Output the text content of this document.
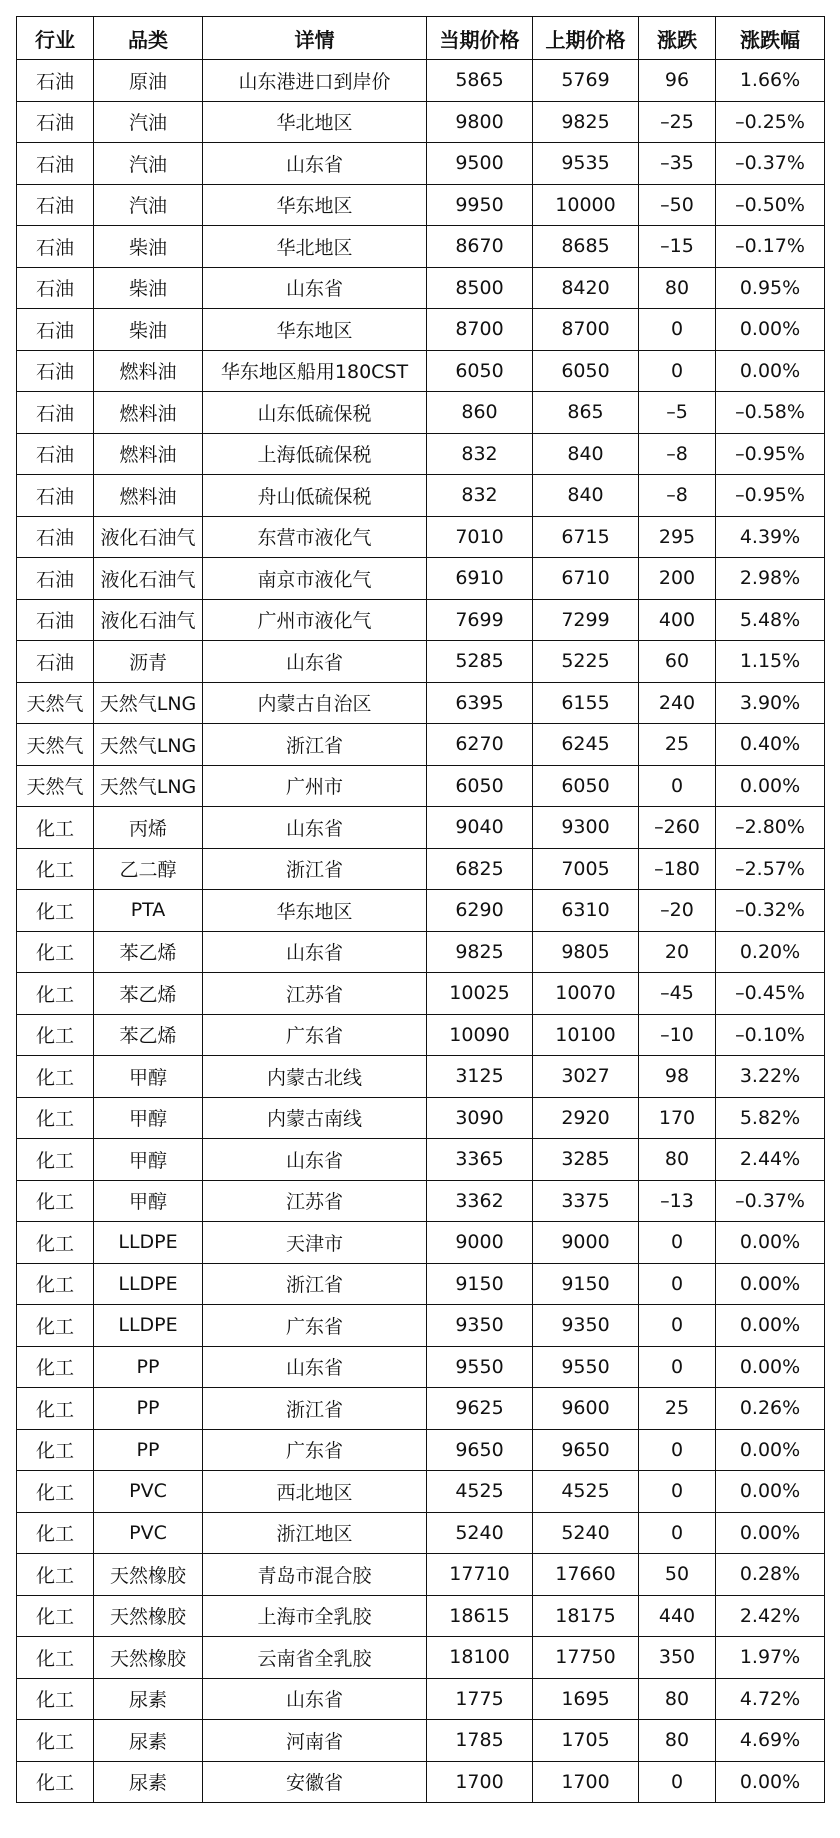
行业	品类	详情	当期价格	上期价格	涨跌	涨跌幅
石油	原油	山东港进口到岸价	5865	5769	96	1.66%
石油	汽油	华北地区	9800	9825	–25	–0.25%
石油	汽油	山东省	9500	9535	–35	–0.37%
石油	汽油	华东地区	9950	10000	–50	–0.50%
石油	柴油	华北地区	8670	8685	–15	–0.17%
石油	柴油	山东省	8500	8420	80	0.95%
石油	柴油	华东地区	8700	8700	0	0.00%
石油	燃料油	华东地区船用180CST	6050	6050	0	0.00%
石油	燃料油	山东低硫保税	860	865	–5	–0.58%
石油	燃料油	上海低硫保税	832	840	–8	–0.95%
石油	燃料油	舟山低硫保税	832	840	–8	–0.95%
石油	液化石油气	东营市液化气	7010	6715	295	4.39%
石油	液化石油气	南京市液化气	6910	6710	200	2.98%
石油	液化石油气	广州市液化气	7699	7299	400	5.48%
石油	沥青	山东省	5285	5225	60	1.15%
天然气	天然气LNG	内蒙古自治区	6395	6155	240	3.90%
天然气	天然气LNG	浙江省	6270	6245	25	0.40%
天然气	天然气LNG	广州市	6050	6050	0	0.00%
化工	丙烯	山东省	9040	9300	–260	–2.80%
化工	乙二醇	浙江省	6825	7005	–180	–2.57%
化工	PTA	华东地区	6290	6310	–20	–0.32%
化工	苯乙烯	山东省	9825	9805	20	0.20%
化工	苯乙烯	江苏省	10025	10070	–45	–0.45%
化工	苯乙烯	广东省	10090	10100	–10	–0.10%
化工	甲醇	内蒙古北线	3125	3027	98	3.22%
化工	甲醇	内蒙古南线	3090	2920	170	5.82%
化工	甲醇	山东省	3365	3285	80	2.44%
化工	甲醇	江苏省	3362	3375	–13	–0.37%
化工	LLDPE	天津市	9000	9000	0	0.00%
化工	LLDPE	浙江省	9150	9150	0	0.00%
化工	LLDPE	广东省	9350	9350	0	0.00%
化工	PP	山东省	9550	9550	0	0.00%
化工	PP	浙江省	9625	9600	25	0.26%
化工	PP	广东省	9650	9650	0	0.00%
化工	PVC	西北地区	4525	4525	0	0.00%
化工	PVC	浙江地区	5240	5240	0	0.00%
化工	天然橡胶	青岛市混合胶	17710	17660	50	0.28%
化工	天然橡胶	上海市全乳胶	18615	18175	440	2.42%
化工	天然橡胶	云南省全乳胶	18100	17750	350	1.97%
化工	尿素	山东省	1775	1695	80	4.72%
化工	尿素	河南省	1785	1705	80	4.69%
化工	尿素	安徽省	1700	1700	0	0.00%
